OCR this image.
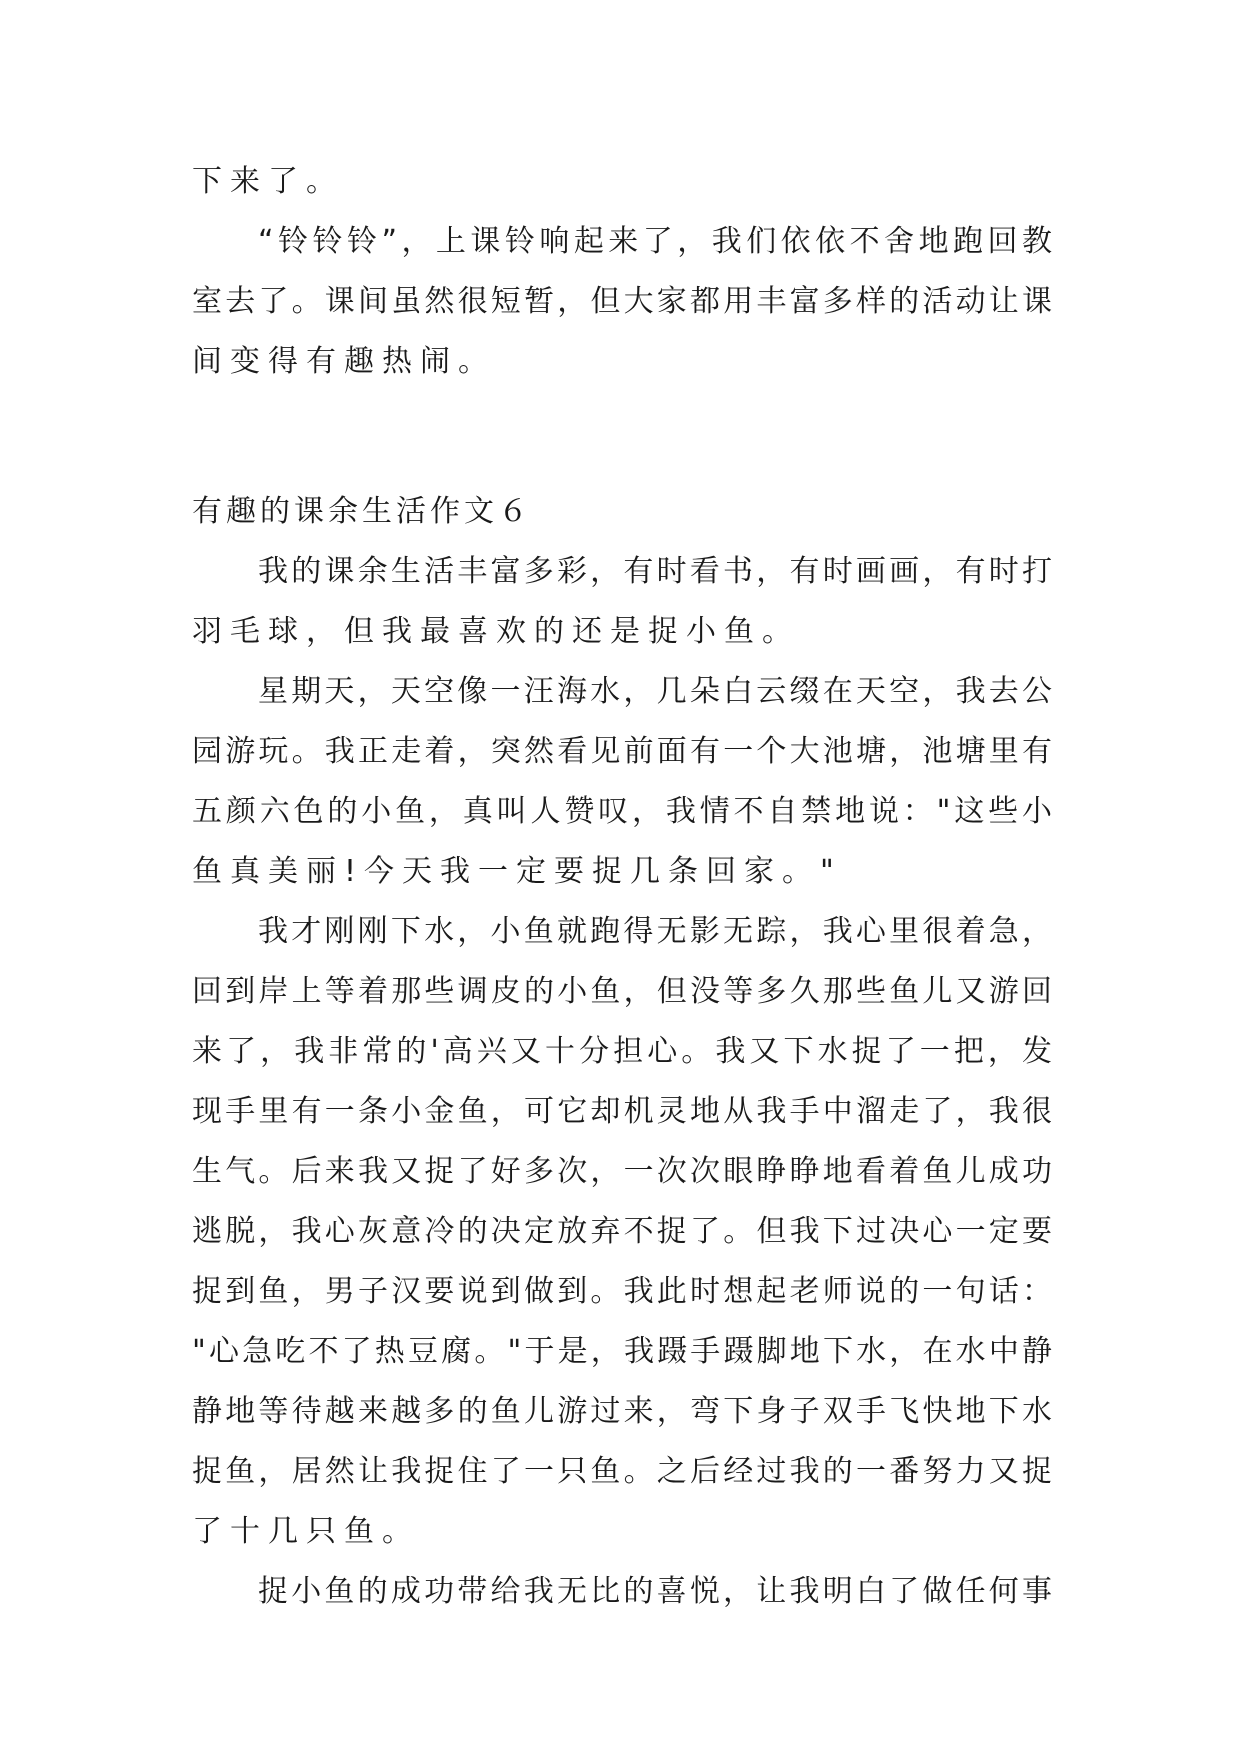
下来了。
“铃铃铃”，上课铃响起来了，我们依依不舍地跑回教
室去了。课间虽然很短暂，但大家都用丰富多样的活动让课
间变得有趣热闹。
有趣的课余生活作文６
我的课余生活丰富多彩，有时看书，有时画画，有时打
羽毛球，但我最喜欢的还是捉小鱼。
星期天，天空像一汪海水，几朵白云缀在天空，我去公
园游玩。我正走着，突然看见前面有一个大池塘，池塘里有
五颜六色的小鱼，真叫人赞叹，我情不自禁地说："这些小
鱼真美丽!今天我一定要捉几条回家。"
我才刚刚下水，小鱼就跑得无影无踪，我心里很着急，
回到岸上等着那些调皮的小鱼，但没等多久那些鱼儿又游回
来了，我非常的'高兴又十分担心。我又下水捉了一把，发
现手里有一条小金鱼，可它却机灵地从我手中溜走了，我很
生气。后来我又捉了好多次，一次次眼睁睁地看着鱼儿成功
逃脱，我心灰意冷的决定放弃不捉了。但我下过决心一定要
捉到鱼，男子汉要说到做到。我此时想起老师说的一句话：
"心急吃不了热豆腐。"于是，我蹑手蹑脚地下水，在水中静
静地等待越来越多的鱼儿游过来，弯下身子双手飞快地下水
捉鱼，居然让我捉住了一只鱼。之后经过我的一番努力又捉
了十几只鱼。
捉小鱼的成功带给我无比的喜悦，让我明白了做任何事
